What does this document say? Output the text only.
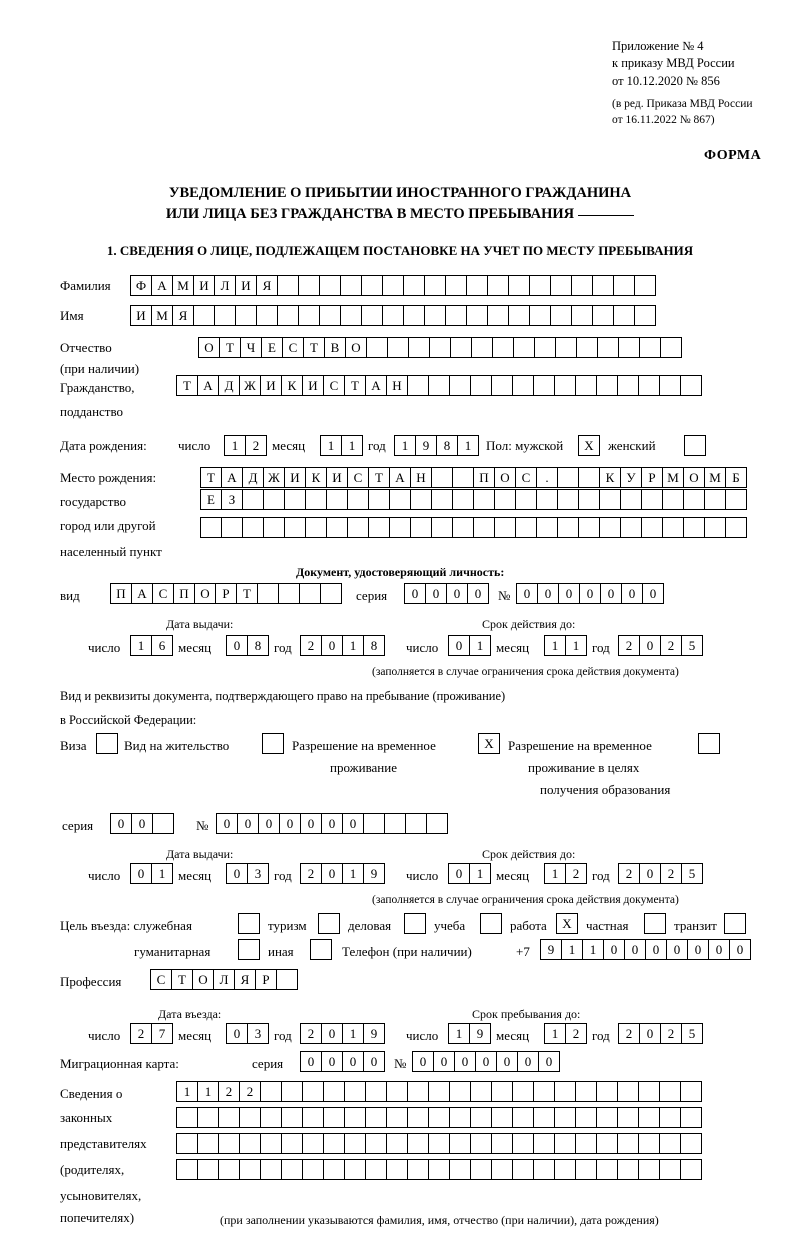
Приложение № 4
к приказу МВД России
от 10.12.2020 № 856
(в ред. Приказа МВД России
от 16.11.2022 № 867)
ФОРМА
УВЕДОМЛЕНИЕ О ПРИБЫТИИ ИНОСТРАННОГО ГРАЖДАНИНА
ИЛИ ЛИЦА БЕЗ ГРАЖДАНСТВА В МЕСТО ПРЕБЫВАНИЯ
1. СВЕДЕНИЯ О ЛИЦЕ, ПОДЛЕЖАЩЕМ ПОСТАНОВКЕ НА УЧЕТ ПО МЕСТУ ПРЕБЫВАНИЯ
Фамилия	Ф А М И Л И Я
Имя	И М Я
Отчество	О Т Ч Е С Т В О
(при наличии)
Гражданство,	Т А Д Ж И К И С Т А Н
подданство
Дата рождения: число	1	2 месяц	1	1 год	1	9	8	1	Пол: мужской	X	женский
Место рождения:	Т А Д Ж И К И С Т А Н	П О С	.	К У Р М О М Б
государство	Е	З
город или другой
населенный пункт
Документ, удостоверяющий личность:
вид	П А С П О Р	Т	серия	0	0	0	0	№	0	0	0	0	0	0	0
Дата выдачи:	Срок действия до:
число	1	6 месяц	0	8 год	2	0	1	8	число	0	1 месяц	1	1 год	2	0	2	5
(заполняется в случае ограничения срока действия документа)
Вид и реквизиты документа, подтверждающего право на пребывание (проживание)
в Российской Федерации:
Виза	Вид на жительство	Разрешение на временное	X	Разрешение на временное
проживание	проживание в целях
получения образования
серия	0	0	№	0	0	0	0	0	0	0
Дата выдачи:	Срок действия до:
число	0	1 месяц	0	3 год	2	0	1	9	число	0	1 месяц	1	2 год	2	0	2	5
(заполняется в случае ограничения срока действия документа)
Цель въезда: служебная	туризм	деловая	учеба	работа	X	частная	транзит
гуманитарная	иная	Телефон (при наличии)	+7	9	1	1	0	0	0	0	0	0	0
Профессия	С Т О Л Я	Р
Дата въезда:	Срок пребывания до:
число	2	7 месяц	0	3 год	2	0	1	9	число	1	9 месяц	1	2 год	2	0	2	5
Миграционная карта:	серия	0	0	0	0	№	0	0	0	0	0	0	0
Сведения о	1	1	2	2
законных
представителях
(родителях,
усыновителях,
попечителях)	(при заполнении указываются фамилия, имя, отчество (при наличии), дата рождения)
